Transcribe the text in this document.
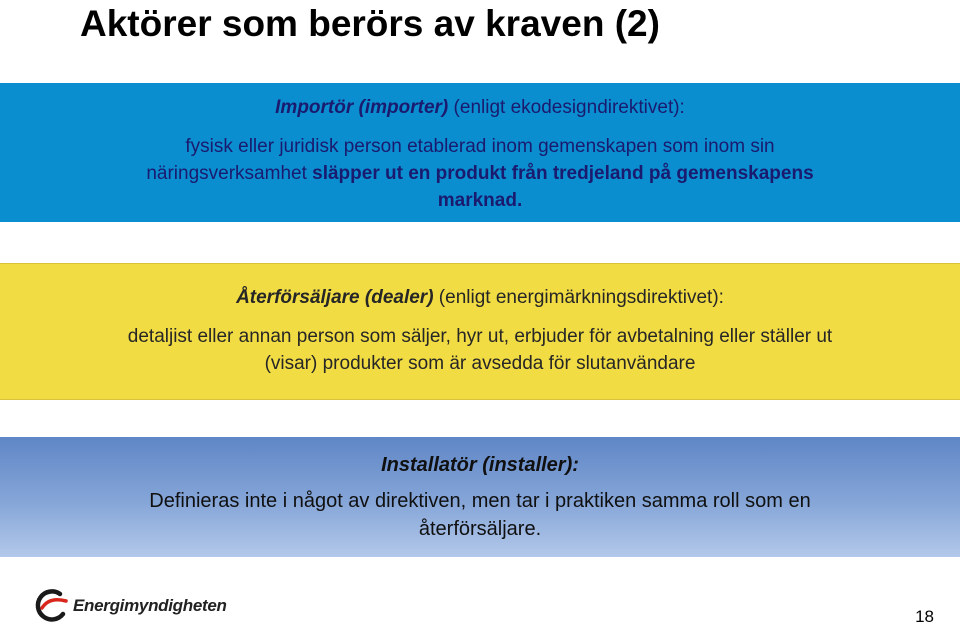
Aktörer som berörs av kraven (2)
Importör (importer) (enligt ekodesigndirektivet):
fysisk eller juridisk person etablerad inom gemenskapen som inom sin
näringsverksamhet släpper ut en produkt från tredjeland på gemenskapens
marknad.
Återförsäljare (dealer) (enligt energimärkningsdirektivet):
detaljist eller annan person som säljer, hyr ut, erbjuder för avbetalning eller ställer ut
(visar) produkter som är avsedda för slutanvändare
Installatör (installer):
Definieras inte i något av direktiven, men tar i praktiken samma roll som en
återförsäljare.
Energimyndigheten
18
